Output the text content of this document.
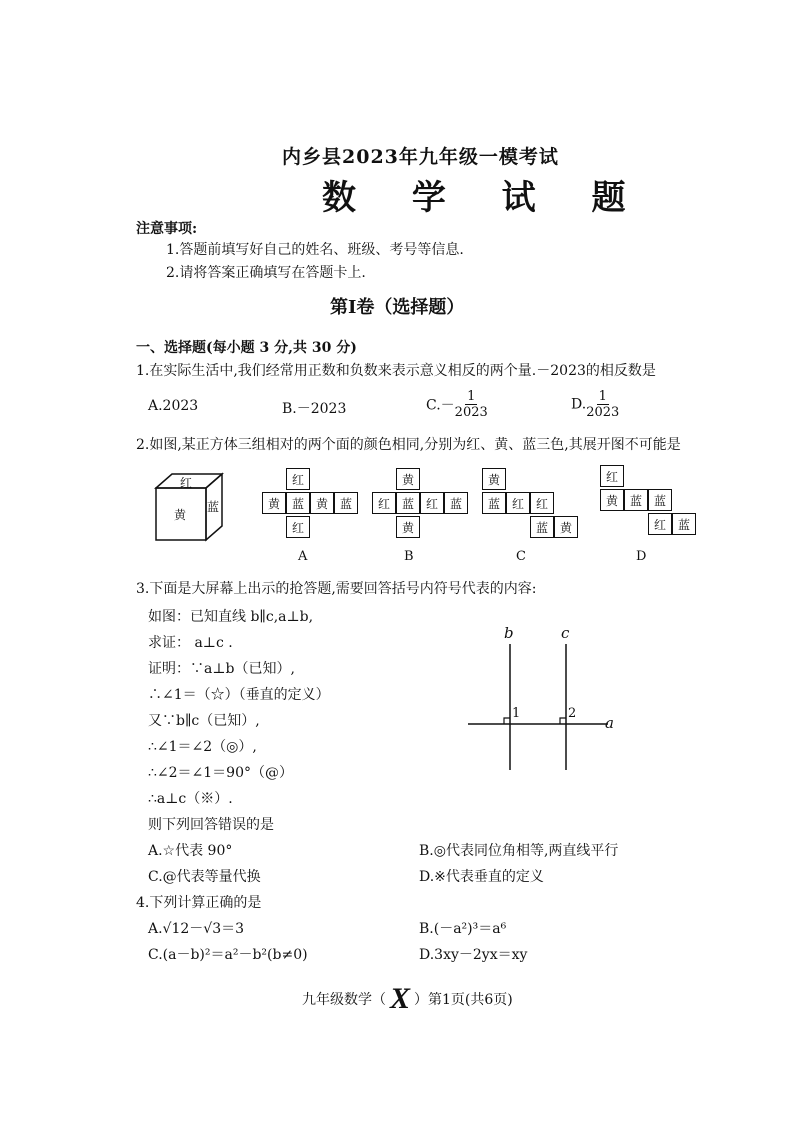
内乡县2023年九年级一模考试
数 学 试 题
注意事项:
1.答题前填写好自己的姓名、班级、考号等信息.
2.请将答案正确填写在答题卡上.
第I卷（选择题）
一、选择题(每小题 3 分,共 30 分)
1.在实际生活中,我们经常用正数和负数来表示意义相反的两个量.－2023的相反数是
A.2023	B.－2023	$C.- \frac{1}{2023}$	D. $\frac{1}{2023}$
2.如图,某正方体三组相对的两个面的颜色相同,分别为红、黄、蓝三色,其展开图不可能是
红
黄
蓝
红
黄 蓝 黄 蓝
红
A
黄
红 蓝 红 蓝
黄
B
黄
蓝 红 红
蓝 黄
C
红
黄 蓝 蓝
红 蓝
D
3.下面是大屏幕上出示的抢答题,需要回答括号内符号代表的内容:
如图：已知直线 b∥c,a⊥b,
求证： a⊥c .
证明：∵a⊥b（已知）,
∴∠1＝（☆）（垂直的定义）
又∵b∥c（已知）,
∴∠1＝∠2（◎）,
∴∠2＝∠1＝90°（@）
∴a⊥c（※）.
则下列回答错误的是
b	c
a
1	2
A.☆代表 90°	B.◎代表同位角相等,两直线平行
C.@代表等量代换	D.※代表垂直的定义
4.下列计算正确的是
A.√12－√3＝3	B.(－a²)³＝a⁶
C.(a－b)²＝a²－b²(b≠0)	D.3xy－2yx＝xy
九年级数学（ X ）第1页(共6页)
